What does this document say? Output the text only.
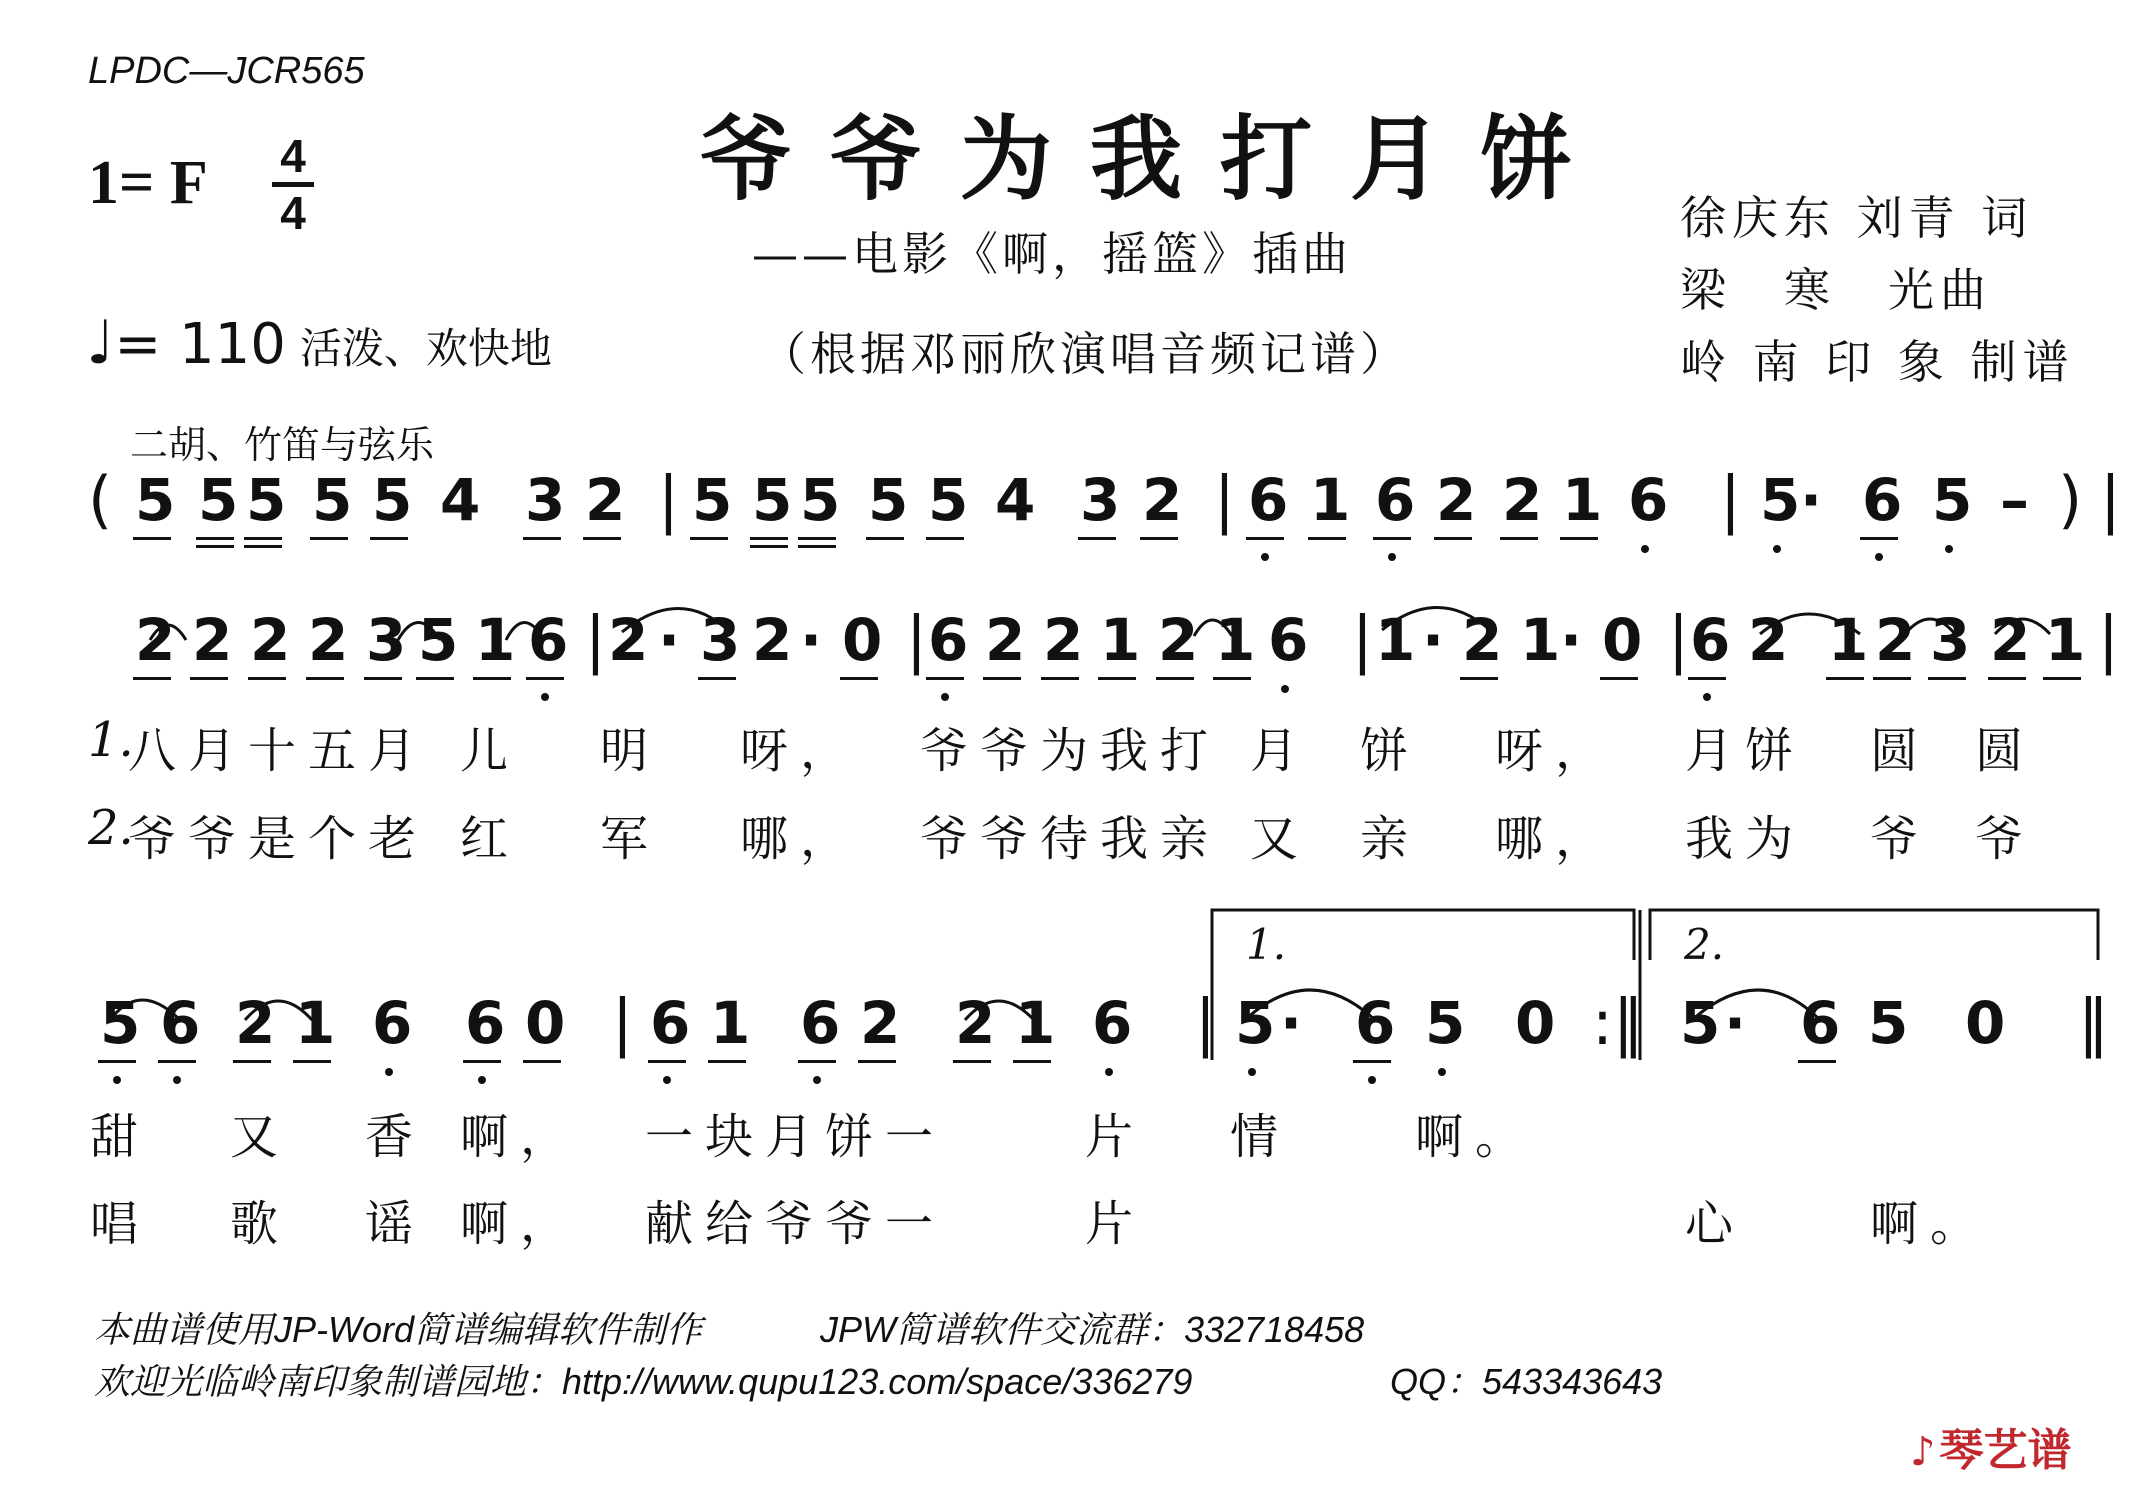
LPDC—JCR565
1= F 4
4
♩= 110 活泼、欢快地
爷爷为我打月饼
——电影《啊，摇篮》插曲
（根据邓丽欣演唱音频记谱）
徐庆东 刘青 词
梁　寒　光曲
岭 南 印 象 制谱
二胡、竹笛与弦乐
( 5 5 5 5 5 4 3 2 | 5 5 5 5 5 4 3 2 | 6 1 6 2 2 1 6 | 5 · 6 5 – ) |
2 2 2 2 3 5 1 6 | 2 · 3 2 · 0 | 6 2 2 1 2 1 6 | 1 · 2 1 · 0 | 6 2 1 2 3 2 1 |
5 6 2 1 6 6 0 | 6 1 6 2 2 1 6 | 5 · 6 5 0 :‖ 5 · 6 5 0 ‖
1.	2.
1.
八月十五月 儿 明 呀， 爷爷为我打 月 饼 呀， 月饼 圆 圆
2.
爷爷是个老 红 军 哪， 爷爷待我亲 又 亲 哪， 我为 爷 爷
甜 又 香 啊， 一块月饼一	片 情	啊。
唱 歌 谣 啊， 献给爷爷一	片	心	啊。
本曲谱使用JP-Word简谱编辑软件制作	JPW简谱软件交流群：332718458
欢迎光临岭南印象制谱园地：http://www.qupu123.com/space/336279	QQ：543343643
♪琴艺谱
